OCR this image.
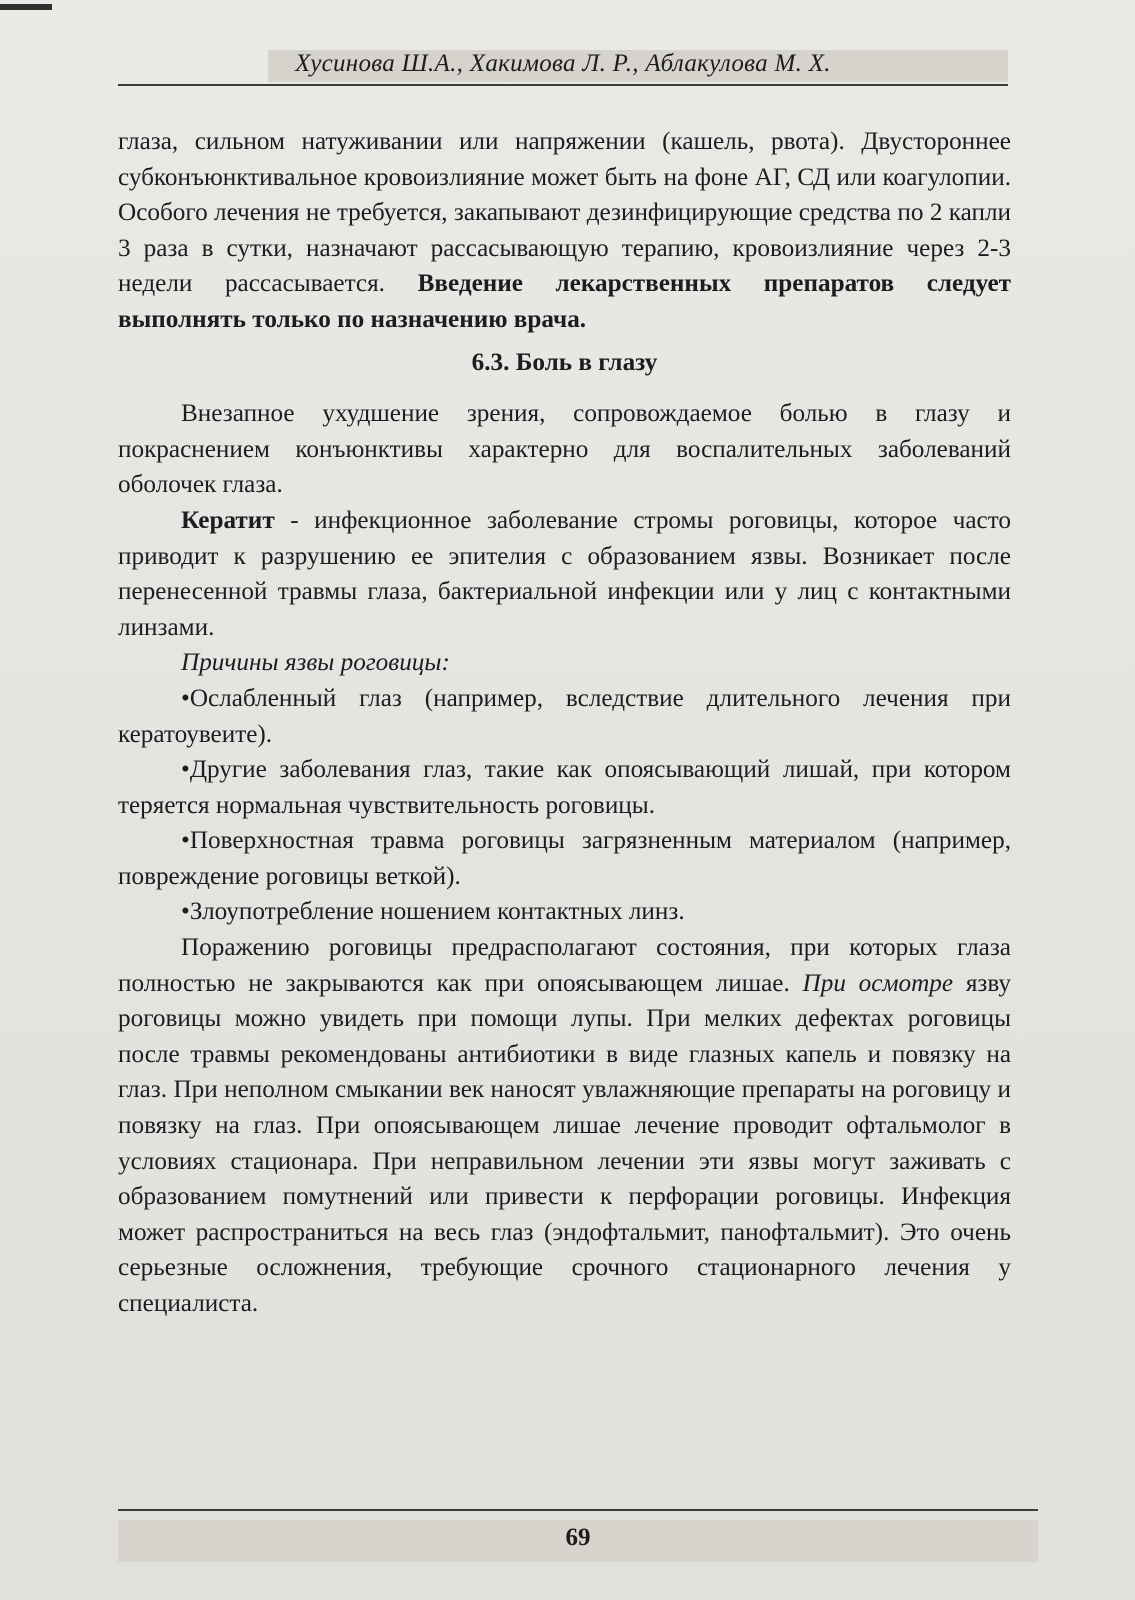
Хусинова Ш.А., Хакимова Л. Р., Аблакулова М. Х.

глаза, сильном натуживании или напряжении (кашель, рвота). Двустороннее субконъюнктивальное кровоизлияние может быть на фоне АГ, СД или коагулопии. Особого лечения не требуется, закапывают дезинфицирующие средства по 2 капли 3 раза в сутки, назначают рассасывающую терапию, кровоизлияние через 2-3 недели рассасывается. Введение лекарственных препаратов следует выполнять только по назначению врача.

6.3. Боль в глазу

Внезапное ухудшение зрения, сопровождаемое болью в глазу и покраснением конъюнктивы характерно для воспалительных заболеваний оболочек глаза.

Кератит - инфекционное заболевание стромы роговицы, которое часто приводит к разрушению ее эпителия с образованием язвы. Возникает после перенесенной травмы глаза, бактериальной инфекции или у лиц с контактными линзами.

Причины язвы роговицы:

•Ослабленный глаз (например, вследствие длительного лечения при кератоувеите).

•Другие заболевания глаз, такие как опоясывающий лишай, при котором теряется нормальная чувствительность роговицы.

•Поверхностная травма роговицы загрязненным материалом (например, повреждение роговицы веткой).

•Злоупотребление ношением контактных линз.

Поражению роговицы предрасполагают состояния, при которых глаза полностью не закрываются как при опоясывающем лишае. При осмотре язву роговицы можно увидеть при помощи лупы. При мелких дефектах роговицы после травмы рекомендованы антибиотики в виде глазных капель и повязку на глаз. При неполном смыкании век наносят увлажняющие препараты на роговицу и повязку на глаз. При опоясывающем лишае лечение проводит офтальмолог в условиях стационара. При неправильном лечении эти язвы могут заживать с образованием помутнений или привести к перфорации роговицы. Инфекция может распространиться на весь глаз (эндофтальмит, панофтальмит). Это очень серьезные осложнения, требующие срочного стационарного лечения у специалиста.

69
